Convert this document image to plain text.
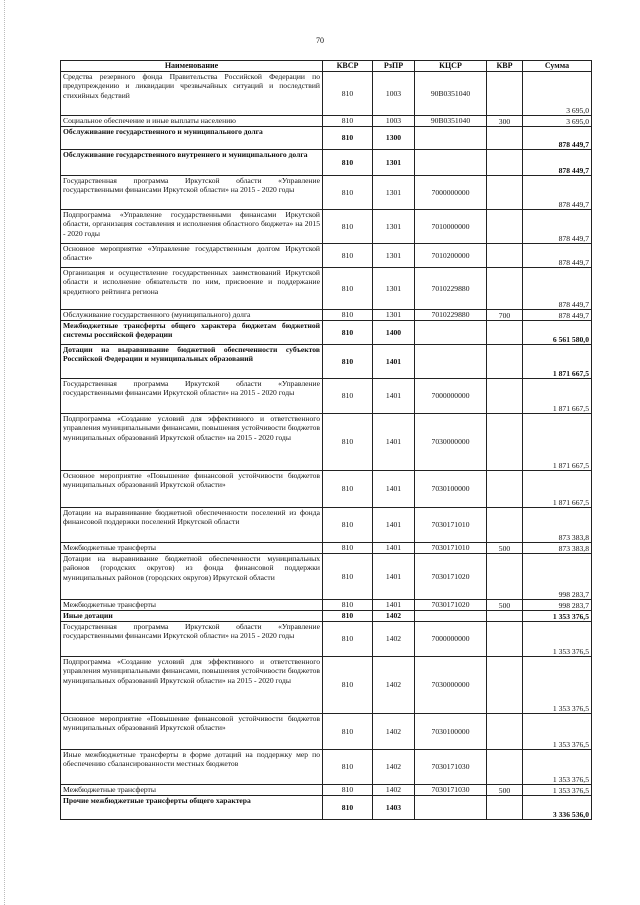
70
Наименование	КВСР	РзПР	КЦСР	КВР	Сумма
Средства резервного фонда Правительства Российской Федерации по предупреждению и ликвидации чрезвычайных ситуаций и последствий стихийных бедствий	810	1003	90В0351040		3 695,0
Социальное обеспечение и иные выплаты населению	810	1003	90В0351040	300	3 695,0
Обслуживание государственного и муниципального долга	810	1300			878 449,7
Обслуживание государственного внутреннего и муниципального долга	810	1301			878 449,7
Государственная программа Иркутской области «Управление государственными финансами Иркутской области» на 2015 - 2020 годы	810	1301	7000000000		878 449,7
Подпрограмма «Управление государственными финансами Иркутской области, организация составления и исполнения областного бюджета» на 2015 - 2020 годы	810	1301	7010000000		878 449,7
Основное мероприятие «Управление государственным долгом Иркутской области»	810	1301	7010200000		878 449,7
Организация и осуществление государственных заимствований Иркутской области и исполнение обязательств по ним, присвоение и поддержание кредитного рейтинга региона	810	1301	7010229880		878 449,7
Обслуживание государственного (муниципального) долга	810	1301	7010229880	700	878 449,7
Межбюджетные трансферты общего характера бюджетам бюджетной системы российской федерации	810	1400			6 561 580,0
Дотации на выравнивание бюджетной обеспеченности субъектов Российской Федерации и муниципальных образований	810	1401			1 871 667,5
Государственная программа Иркутской области «Управление государственными финансами Иркутской области» на 2015 - 2020 годы	810	1401	7000000000		1 871 667,5
Подпрограмма «Создание условий для эффективного и ответственного управления муниципальными финансами, повышения устойчивости бюджетов муниципальных образований Иркутской области» на 2015 - 2020 годы	810	1401	7030000000		1 871 667,5
Основное мероприятие «Повышение финансовой устойчивости бюджетов муниципальных образований Иркутской области»	810	1401	7030100000		1 871 667,5
Дотации на выравнивание бюджетной обеспеченности поселений из фонда финансовой поддержки поселений Иркутской области	810	1401	7030171010		873 383,8
Межбюджетные трансферты	810	1401	7030171010	500	873 383,8
Дотации на выравнивание бюджетной обеспеченности муниципальных районов (городских округов) из фонда финансовой поддержки муниципальных районов (городских округов) Иркутской области	810	1401	7030171020		998 283,7
Межбюджетные трансферты	810	1401	7030171020	500	998 283,7
Иные дотации	810	1402			1 353 376,5
Государственная программа Иркутской области «Управление государственными финансами Иркутской области» на 2015 - 2020 годы	810	1402	7000000000		1 353 376,5
Подпрограмма «Создание условий для эффективного и ответственного управления муниципальными финансами, повышения устойчивости бюджетов муниципальных образований Иркутской области» на 2015 - 2020 годы	810	1402	7030000000		1 353 376,5
Основное мероприятие «Повышение финансовой устойчивости бюджетов муниципальных образований Иркутской области»	810	1402	7030100000		1 353 376,5
Иные межбюджетные трансферты в форме дотаций на поддержку мер по обеспечению сбалансированности местных бюджетов	810	1402	7030171030		1 353 376,5
Межбюджетные трансферты	810	1402	7030171030	500	1 353 376,5
Прочие межбюджетные трансферты общего характера	810	1403			3 336 536,0
